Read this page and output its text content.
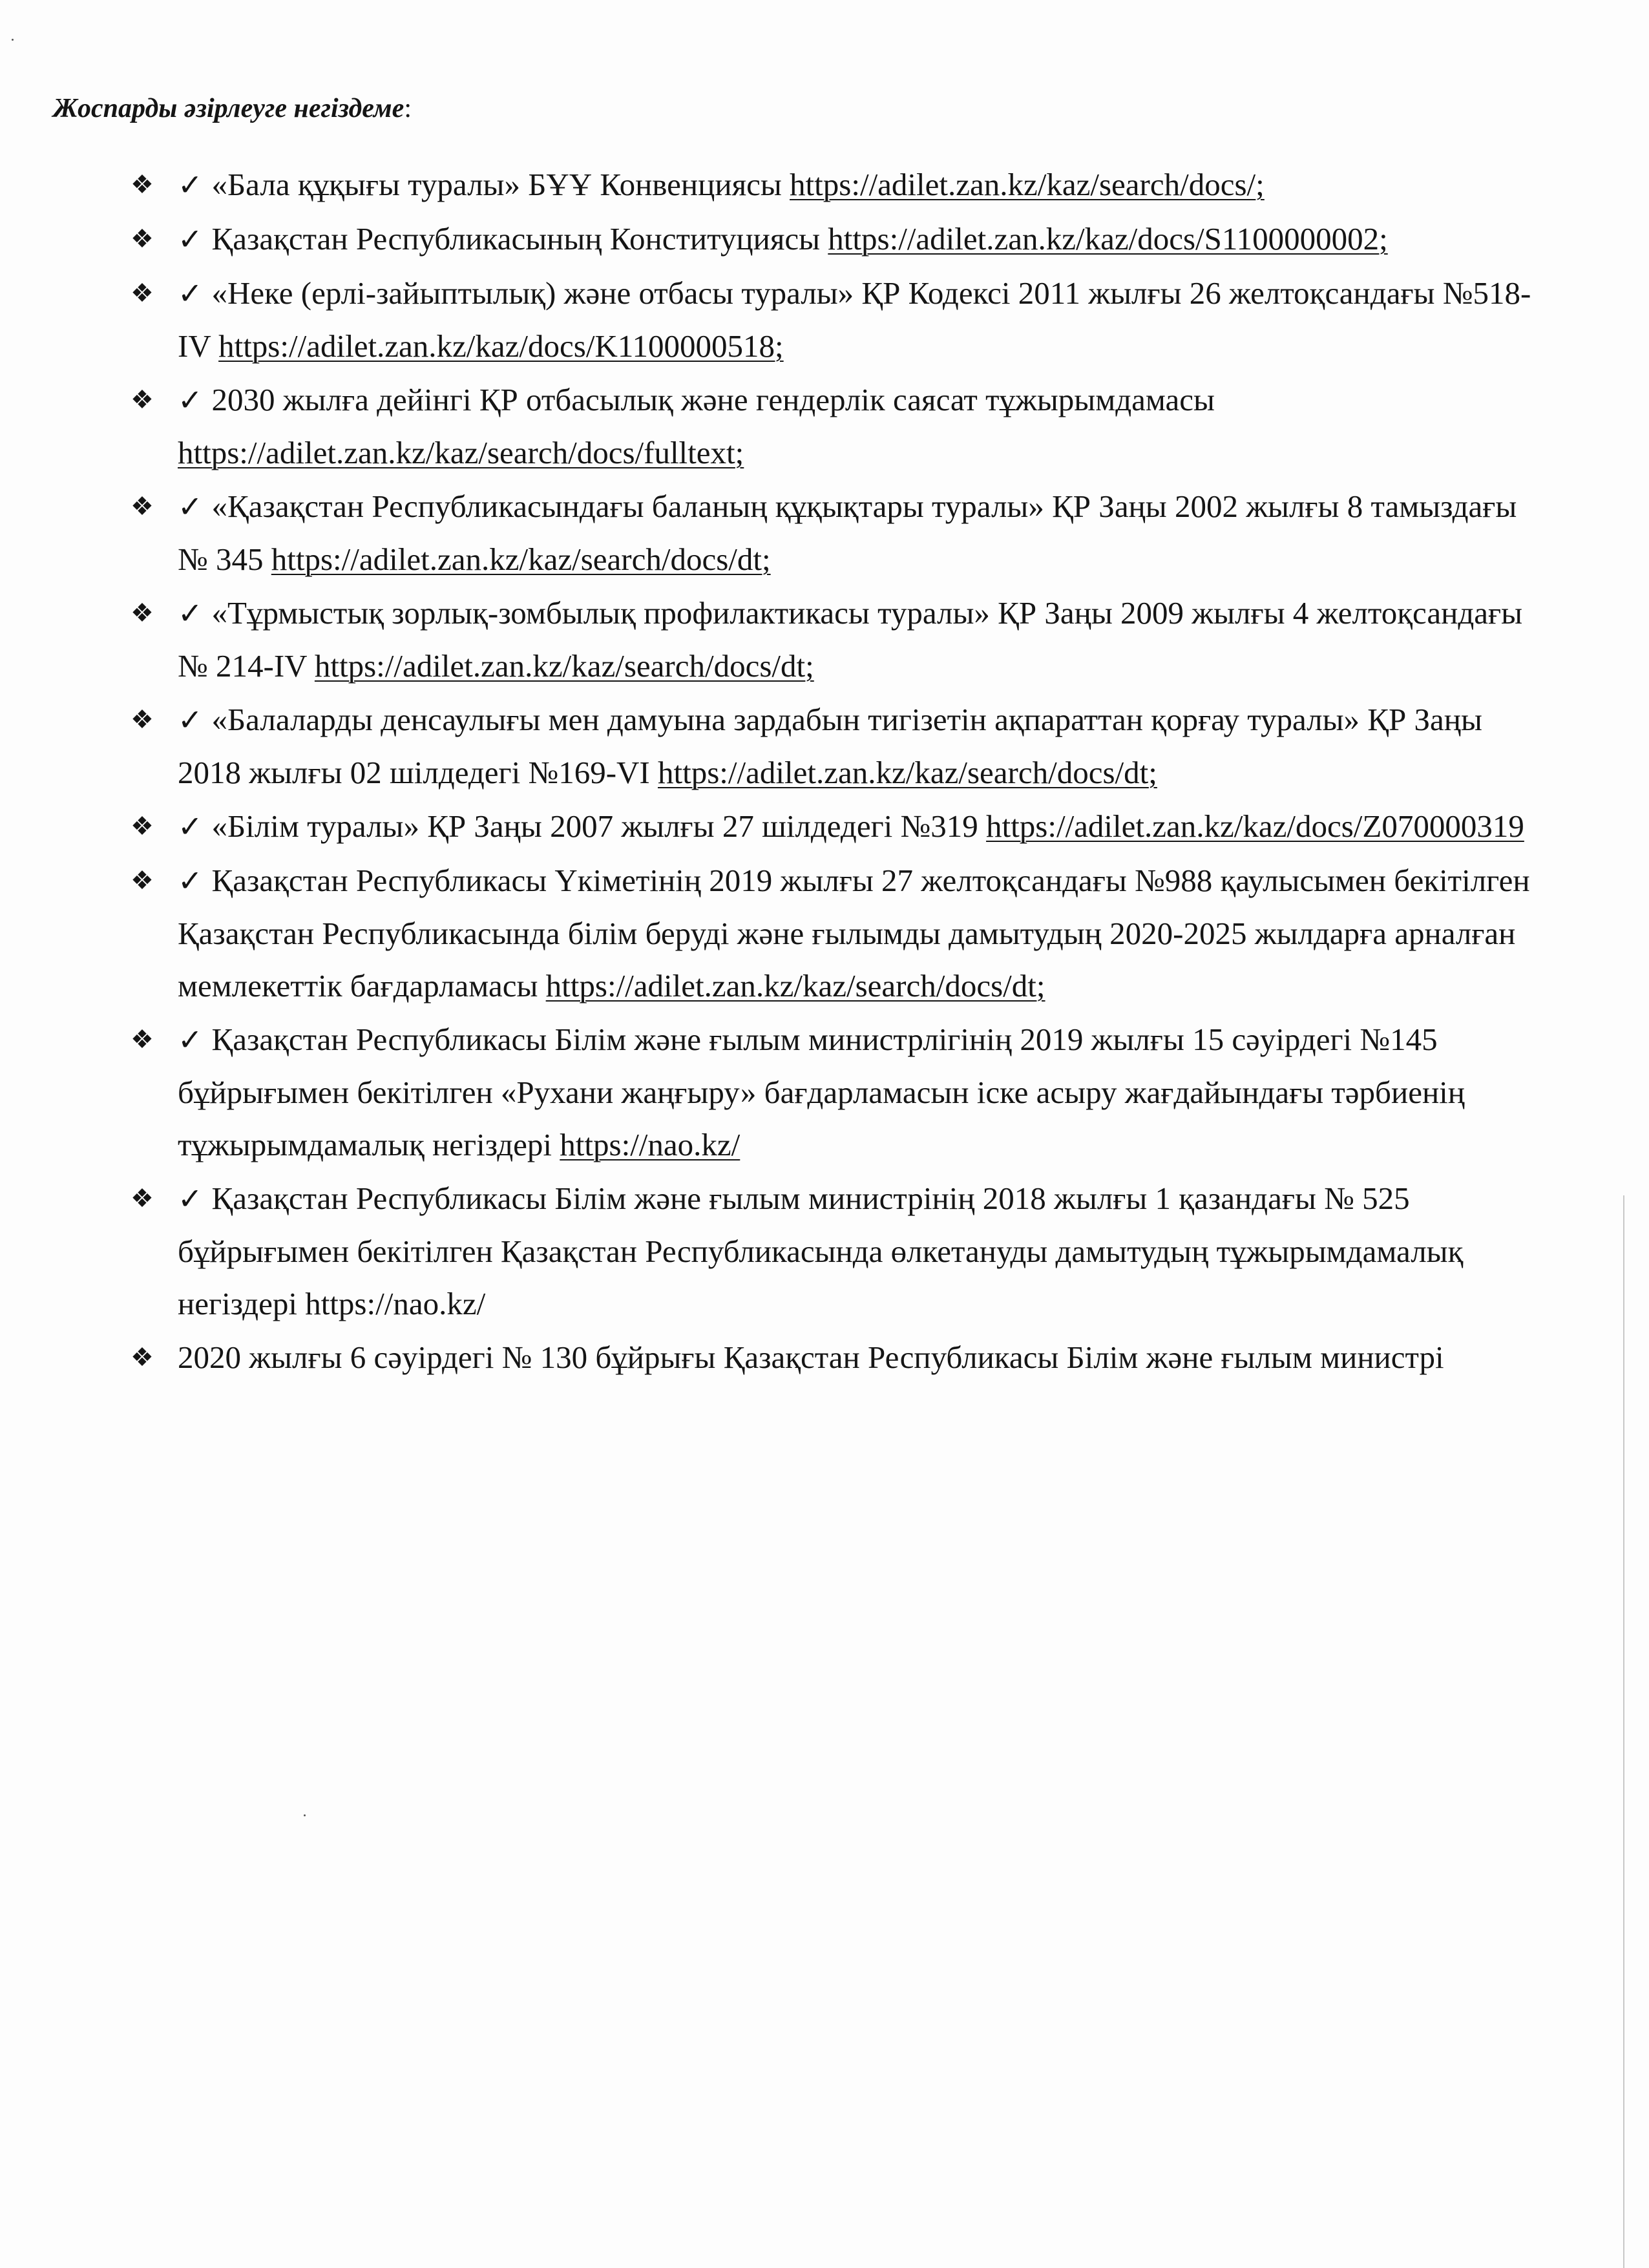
Жоспарды әзірлеуге негіздеме:

❖ ✓ «Бала құқығы туралы» БҰҰ Конвенциясы https://adilet.zan.kz/kaz/search/docs/;
❖ ✓ Қазақстан Республикасының Конституциясы https://adilet.zan.kz/kaz/docs/S1100000002;
❖ ✓ «Неке (ерлі-зайыптылық) және отбасы туралы» ҚР Кодексі 2011 жылғы 26 желтоқсандағы №518-IV https://adilet.zan.kz/kaz/docs/K1100000518;
❖ ✓ 2030 жылға дейінгі ҚР отбасылық және гендерлік саясат тұжырымдамасы https://adilet.zan.kz/kaz/search/docs/fulltext;
❖ ✓ «Қазақстан Республикасындағы баланың құқықтары туралы» ҚР Заңы 2002 жылғы 8 тамыздағы № 345 https://adilet.zan.kz/kaz/search/docs/dt;
❖ ✓ «Тұрмыстық зорлық-зомбылық профилактикасы туралы» ҚР Заңы 2009 жылғы 4 желтоқсандағы № 214-IV https://adilet.zan.kz/kaz/search/docs/dt;
❖ ✓ «Балаларды денсаулығы мен дамуына зардабын тигізетін ақпараттан қорғау туралы» ҚР Заңы 2018 жылғы 02 шілдедегі №169-VI https://adilet.zan.kz/kaz/search/docs/dt;
❖ ✓ «Білім туралы» ҚР Заңы 2007 жылғы 27 шілдедегі №319 https://adilet.zan.kz/kaz/docs/Z070000319
❖ ✓ Қазақстан Республикасы Үкіметінің 2019 жылғы 27 желтоқсандағы №988 қаулысымен бекітілген Қазақстан Республикасында білім беруді және ғылымды дамытудың 2020-2025 жылдарға арналған мемлекеттік бағдарламасы https://adilet.zan.kz/kaz/search/docs/dt;
❖ ✓ Қазақстан Республикасы Білім және ғылым министрлігінің 2019 жылғы 15 сәуірдегі №145 бұйрығымен бекітілген «Рухани жаңғыру» бағдарламасын іске асыру жағдайындағы тәрбиенің тұжырымдамалық негіздері https://nao.kz/
❖ ✓ Қазақстан Республикасы Білім және ғылым министрінің 2018 жылғы 1 қазандағы № 525 бұйрығымен бекітілген Қазақстан Республикасында өлкетануды дамытудың тұжырымдамалық негіздері https://nao.kz/
❖ 2020 жылғы 6 сәуірдегі № 130 бұйрығы Қазақстан Республикасы Білім және ғылым министрі
